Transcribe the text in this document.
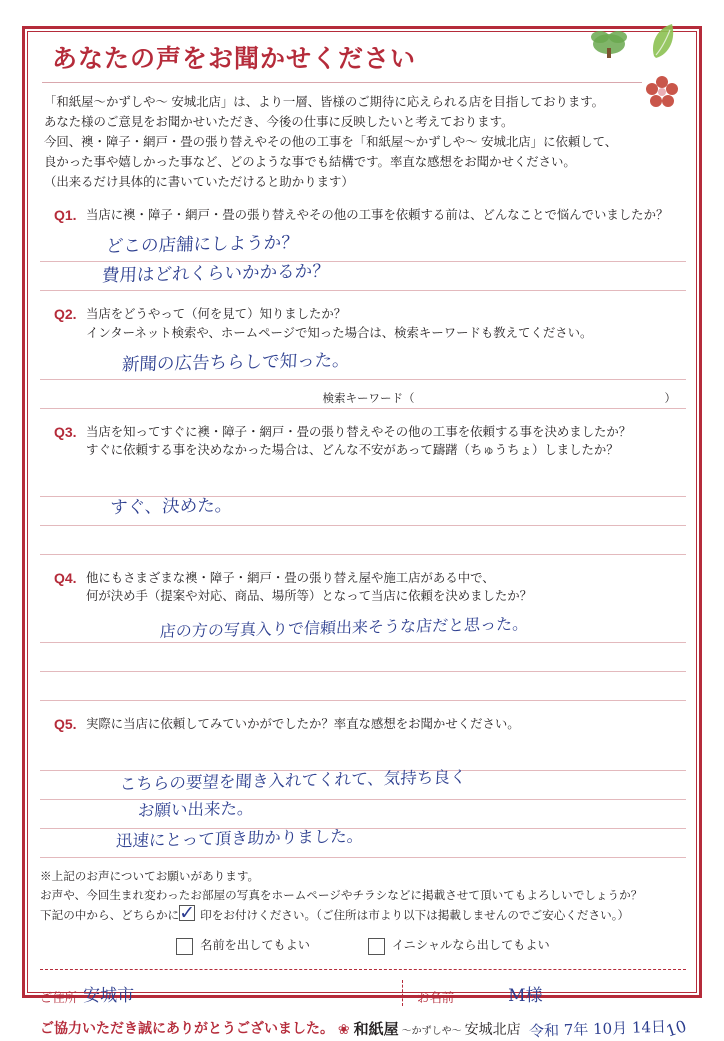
あなたの声をお聞かせください
「和紙屋～かずしや～ 安城北店」は、より一層、皆様のご期待に応えられる店を目指しております。
あなた様のご意見をお聞かせいただき、今後の仕事に反映したいと考えております。
今回、襖・障子・網戸・畳の張り替えやその他の工事を「和紙屋～かずしや～ 安城北店」に依頼して、
良かった事や嬉しかった事など、どのような事でも結構です。率直な感想をお聞かせください。
（出来るだけ具体的に書いていただけると助かります）
Q1. 当店に襖・障子・網戸・畳の張り替えやその他の工事を依頼する前は、どんなことで悩んでいましたか？
どこの店舗にしようか？
費用はどれくらいかかるか？
Q2. 当店をどうやって（何を見て）知りましたか？
インターネット検索や、ホームページで知った場合は、検索キーワードも教えてください。
新聞の広告ちらしで知った。
検索キーワード（	）
Q3. 当店を知ってすぐに襖・障子・網戸・畳の張り替えやその他の工事を依頼する事を決めましたか？
すぐに依頼する事を決めなかった場合は、どんな不安があって躊躇（ちゅうちょ）しましたか？
すぐ、決めた。
Q4. 他にもさまざまな襖・障子・網戸・畳の張り替え屋や施工店がある中で、
何が決め手（提案や対応、商品、場所等）となって当店に依頼を決めましたか？
店の方の写真入りで信頼出来そうな店だと思った。
Q5. 実際に当店に依頼してみていかがでしたか？率直な感想をお聞かせください。
こちらの要望を聞き入れてくれて、気持ち良く
お願い出来た。
迅速にとって頂き助かりました。
※上記のお声についてお願いがあります。
お声や、今回生まれ変わったお部屋の写真をホームページやチラシなどに掲載させて頂いてもよろしいでしょうか？
下記の中から、どちらかに ✓ 印をお付けください。（ご住所は市より以下は掲載しませんのでご安心ください。）
名前を出してもよい	イニシャルなら出してもよい
ご住所 安城市	お名前	M様
ご協力いただき誠にありがとうございました。 ❀ 和紙屋 ～かずしや～ 安城北店 令和 7年 10月 14日
10
